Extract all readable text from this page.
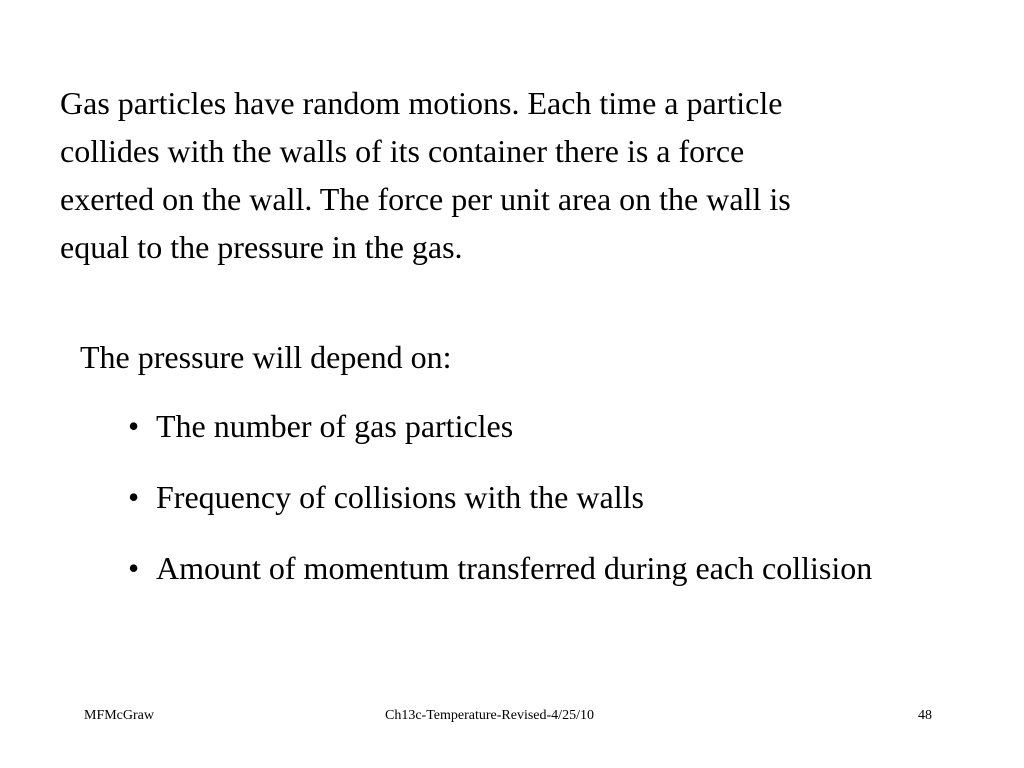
Gas particles have random motions. Each time a particle
collides with the walls of its container there is a force
exerted on the wall. The force per unit area on the wall is
equal to the pressure in the gas.

The pressure will depend on:

• The number of gas particles
• Frequency of collisions with the walls
• Amount of momentum transferred during each collision
MFMcGraw	Ch13c-Temperature-Revised-4/25/10	48
